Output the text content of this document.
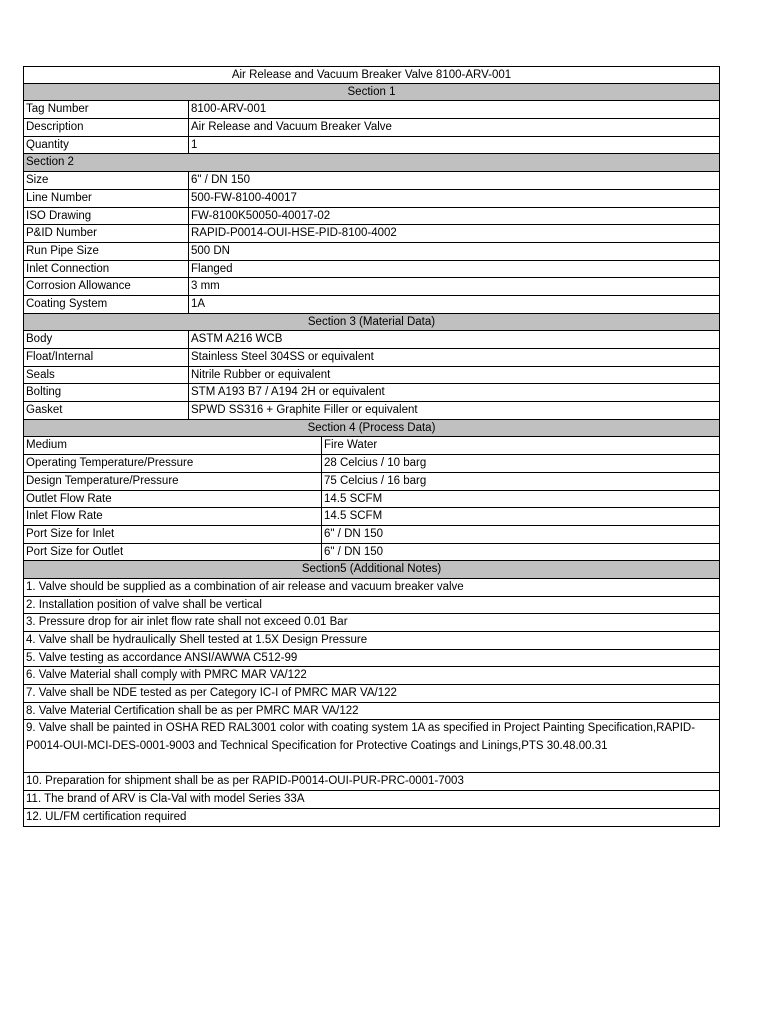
Air Release and Vacuum Breaker Valve 8100-ARV-001
Section 1
Tag Number	8100-ARV-001
Description	Air Release and Vacuum Breaker Valve
Quantity	1
Section 2
Size	6" / DN 150
Line Number	500-FW-8100-40017
ISO Drawing	FW-8100K50050-40017-02
P&ID Number	RAPID-P0014-OUI-HSE-PID-8100-4002
Run Pipe Size	500 DN
Inlet Connection	Flanged
Corrosion Allowance	3 mm
Coating System	1A
Section 3 (Material Data)
Body	ASTM A216 WCB
Float/Internal	Stainless Steel 304SS or equivalent
Seals	Nitrile Rubber or equivalent
Bolting	STM A193 B7 / A194 2H or equivalent
Gasket	SPWD SS316 + Graphite Filler or equivalent
Section 4 (Process Data)
Medium	Fire Water
Operating Temperature/Pressure	28 Celcius / 10 barg
Design Temperature/Pressure	75 Celcius / 16 barg
Outlet Flow Rate	14.5 SCFM
Inlet Flow Rate	14.5 SCFM
Port Size for Inlet	6" / DN 150
Port Size for Outlet	6" / DN 150
Section5 (Additional Notes)
1. Valve should be supplied as a combination of air release and vacuum breaker valve
2. Installation position of valve shall be vertical
3. Pressure drop for air inlet flow rate shall not exceed 0.01 Bar
4. Valve shall be hydraulically Shell tested at 1.5X Design Pressure
5. Valve testing as accordance ANSI/AWWA C512-99
6. Valve Material shall comply with PMRC MAR VA/122
7. Valve shall be NDE tested as per Category IC-I of PMRC MAR VA/122
8. Valve Material Certification shall be as per PMRC MAR VA/122
9. Valve shall be painted in OSHA RED RAL3001 color with coating system 1A as specified in Project Painting Specification,RAPID-P0014-OUI-MCI-DES-0001-9003 and Technical Specification for Protective Coatings and Linings,PTS 30.48.00.31
10. Preparation for shipment shall be as per RAPID-P0014-OUI-PUR-PRC-0001-7003
11. The brand of ARV is Cla-Val with model Series 33A
12. UL/FM certification required
